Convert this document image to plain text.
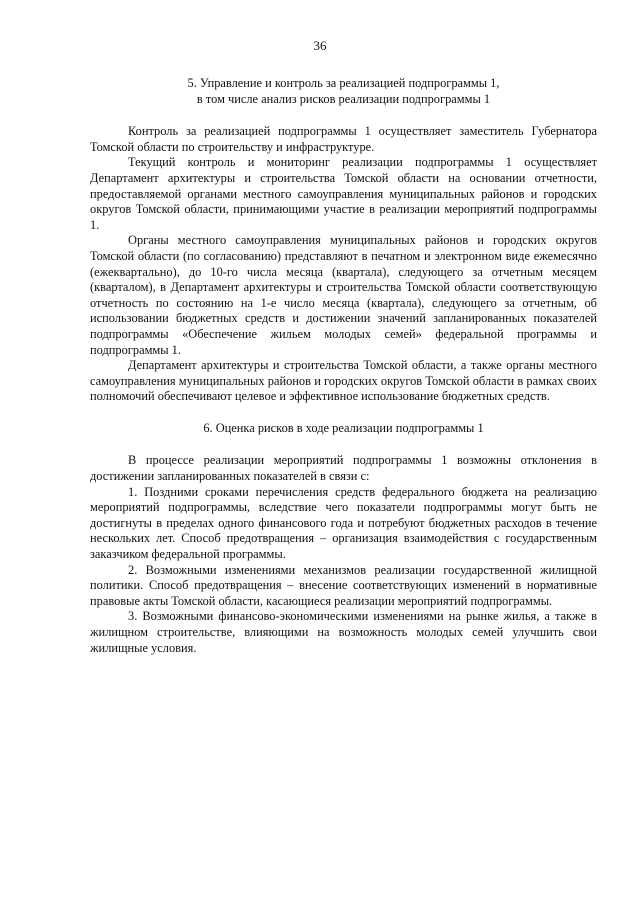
36

5. Управление и контроль за реализацией подпрограммы 1,
в том числе анализ рисков реализации подпрограммы 1

Контроль за реализацией подпрограммы 1 осуществляет заместитель Губернатора Томской области по строительству и инфраструктуре.

Текущий контроль и мониторинг реализации подпрограммы 1 осуществляет Департамент архитектуры и строительства Томской области на основании отчетности, предоставляемой органами местного самоуправления муниципальных районов и городских округов Томской области, принимающими участие в реализации мероприятий подпрограммы 1.

Органы местного самоуправления муниципальных районов и городских округов Томской области (по согласованию) представляют в печатном и электронном виде ежемесячно (ежеквартально), до 10-го числа месяца (квартала), следующего за отчетным месяцем (кварталом), в Департамент архитектуры и строительства Томской области соответствующую отчетность по состоянию на 1-е число месяца (квартала), следующего за отчетным, об использовании бюджетных средств и достижении значений запланированных показателей подпрограммы «Обеспечение жильем молодых семей» федеральной программы и подпрограммы 1.

Департамент архитектуры и строительства Томской области, а также органы местного самоуправления муниципальных районов и городских округов Томской области в рамках своих полномочий обеспечивают целевое и эффективное использование бюджетных средств.

6. Оценка рисков в ходе реализации подпрограммы 1

В процессе реализации мероприятий подпрограммы 1 возможны отклонения в достижении запланированных показателей в связи с:

1. Поздними сроками перечисления средств федерального бюджета на реализацию мероприятий подпрограммы, вследствие чего показатели подпрограммы могут быть не достигнуты в пределах одного финансового года и потребуют бюджетных расходов в течение нескольких лет. Способ предотвращения – организация взаимодействия с государственным заказчиком федеральной программы.

2. Возможными изменениями механизмов реализации государственной жилищной политики. Способ предотвращения – внесение соответствующих изменений в нормативные правовые акты Томской области, касающиеся реализации мероприятий подпрограммы.

3. Возможными финансово-экономическими изменениями на рынке жилья, а также в жилищном строительстве, влияющими на возможность молодых семей улучшить свои жилищные условия.
